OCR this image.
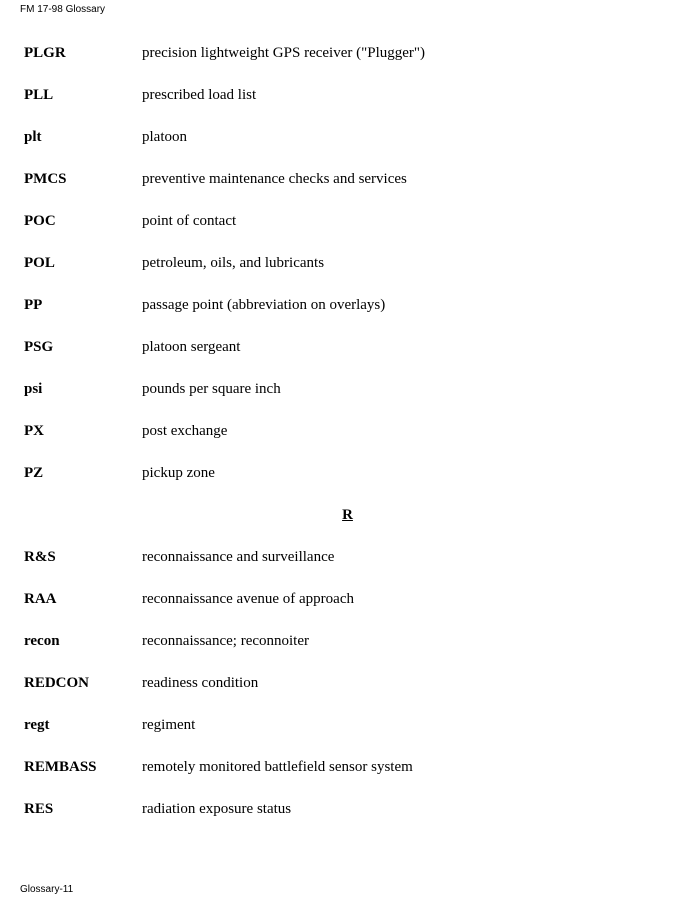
FM 17-98 Glossary
PLGR	precision lightweight GPS receiver ("Plugger")
PLL	prescribed load list
plt	platoon
PMCS	preventive maintenance checks and services
POC	point of contact
POL	petroleum, oils, and lubricants
PP	passage point (abbreviation on overlays)
PSG	platoon sergeant
psi	pounds per square inch
PX	post exchange
PZ	pickup zone
R
R&S	reconnaissance and surveillance
RAA	reconnaissance avenue of approach
recon	reconnaissance; reconnoiter
REDCON	readiness condition
regt	regiment
REMBASS	remotely monitored battlefield sensor system
RES	radiation exposure status
Glossary-11
